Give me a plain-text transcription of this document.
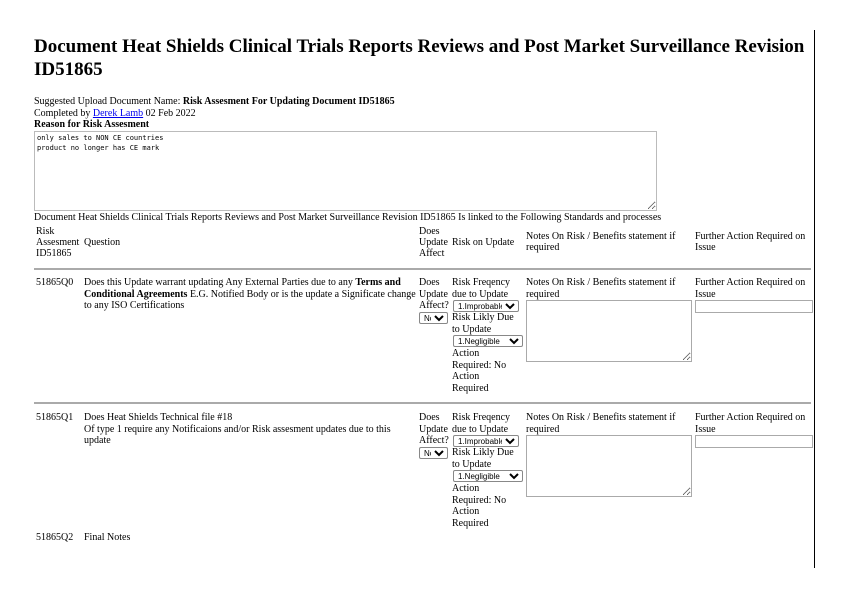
Document Heat Shields Clinical Trials Reports Reviews and Post Market Surveillance Revision ID51865
Suggested Upload Document Name: Risk Assesment For Updating Document ID51865
Completed by Derek Lamb 02 Feb 2022
Reason for Risk Assesment
only sales to NON CE countries product no longer has CE mark
Document Heat Shields Clinical Trials Reports Reviews and Post Market Surveillance Revision ID51865 Is linked to the Following Standards and processes
Risk Assesment ID51865
Question
Does Update Affect
Risk on Update
Notes On Risk / Benefits statement if required
Further Action Required on Issue
51865Q0 Does this Update warrant updating Any External Parties due to any Terms and Conditional Agreements E.G. Notified Body or is the update a Significate change to any ISO Certifications
Does Update Affect?
No
Risk Freqency due to Update
1.Improbable
Risk Likly Due to Update
1.Negligible
Action Required: No Action Required
Notes On Risk / Benefits statement if required
Further Action Required on Issue
51865Q1 Does Heat Shields Technical file #18
Of type 1 require any Notificaions and/or Risk assesment updates due to this update
Does Update Affect?
No
Risk Freqency due to Update
1.Improbable
Risk Likly Due to Update
1.Negligible
Action Required: No Action Required
Notes On Risk / Benefits statement if required
Further Action Required on Issue
51865Q2 Final Notes
